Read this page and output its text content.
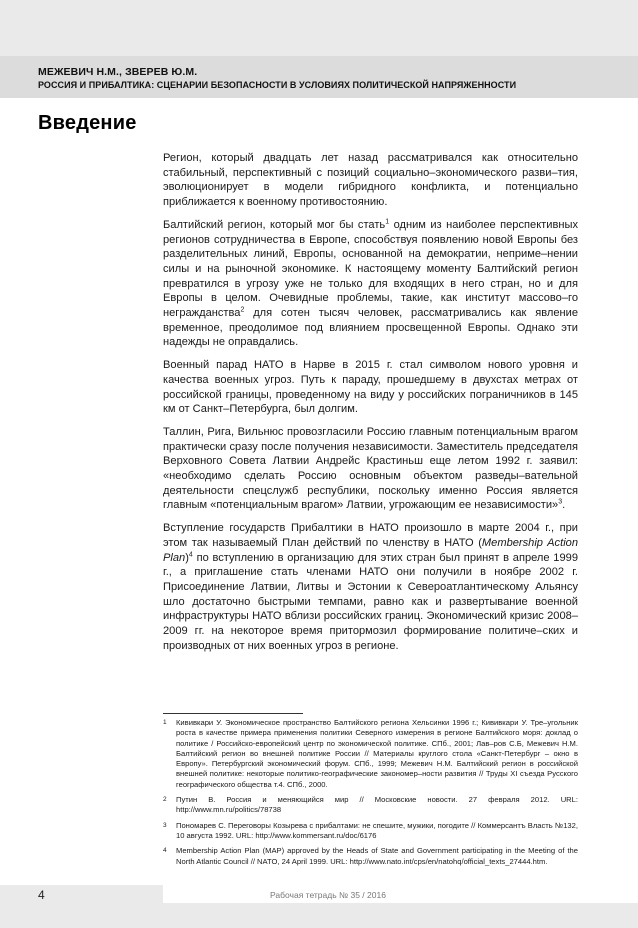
МЕЖЕВИЧ Н.М., ЗВЕРЕВ Ю.М.
РОССИЯ И ПРИБАЛТИКА: СЦЕНАРИИ БЕЗОПАСНОСТИ В УСЛОВИЯХ ПОЛИТИЧЕСКОЙ НАПРЯЖЕННОСТИ
Введение

Регион, который двадцать лет назад рассматривался как относительно стабильный, перспективный с позиций социально–экономического разви–тия, эволюционирует в модели гибридного конфликта, и потенциально приближается к военному противостоянию.

Балтийский регион, который мог бы стать$^1$ одним из наиболее перспективных регионов сотрудничества в Европе, способствуя появлению новой Европы без разделительных линий, Европы, основанной на демократии, неприме–нении силы и на рыночной экономике. К настоящему моменту Балтийский регион превратился в угрозу уже не только для входящих в него стран, но и для Европы в целом. Очевидные проблемы, такие, как институт массово–го негражданства$^2$ для сотен тысяч человек, рассматривались как явление временное, преодолимое под влиянием просвещенной Европы. Однако эти надежды не оправдались.

Военный парад НАТО в Нарве в 2015 г. стал символом нового уровня и качества военных угроз. Путь к параду, прошедшему в двухстах метрах от российской границы, проведенному на виду у российских пограничников в 145 км от Санкт–Петербурга, был долгим.

Таллин, Рига, Вильнюс провозгласили Россию главным потенциальным врагом практически сразу после получения независимости. Заместитель председателя Верховного Совета Латвии Андрейс Крастиньш еще летом 1992 г. заявил: «необходимо сделать Россию основным объектом разведы–вательной деятельности спецслужб республики, поскольку именно Россия является главным «потенциальным врагом» Латвии, угрожающим ее независимости»$^3$.

Вступление государств Прибалтики в НАТО произошло в марте 2004 г., при этом так называемый План действий по членству в НАТО (Membership Action Plan)$^4$ по вступлению в организацию для этих стран был принят в апреле 1999 г., а приглашение стать членами НАТО они получили в ноябре 2002 г. Присоединение Латвии, Литвы и Эстонии к Североатлантическому Альянсу шло достаточно быстрыми темпами, равно как и развертывание военной инфраструктуры НАТО вблизи российских границ. Экономический кризис 2008–2009 гг. на некоторое время притормозил формирование политиче–ских и производных от них военных угроз в регионе.

1	Кививкари У. Экономическое пространство Балтийского региона Хельсинки 1996 г.; Кививкари У. Тре–угольник роста в качестве примера применения политики Северного измерения в регионе Балтийского моря: доклад о политике / Российско-европейский центр по экономической политике. СПб., 2001; Лав–ров С.Б, Межевич Н.М. Балтийский регион во внешней политике России // Материалы круглого стола «Санкт-Петербург – окно в Европу». Петербургский экономический форум. СПб., 1999; Межевич Н.М. Балтийский регион в российской внешней политике: некоторые политико-географические закономер–ности развития // Труды XI съезда Русского географического общества т.4. СПб., 2000.
2	Путин В. Россия и меняющийся мир // Московские новости. 27 февраля 2012. URL: http://www.mn.ru/politics/78738
3	Пономарев С. Переговоры Козырева с прибалтами: не спешите, мужики, погодите // Коммерсантъ Власть №132, 10 августа 1992. URL: http://www.kommersant.ru/doc/6176
4	Membership Action Plan (MAP) approved by the Heads of State and Government participating in the Meeting of the North Atlantic Council // NATO, 24 April 1999. URL: http://www.nato.int/cps/en/natohq/official_texts_27444.htm.
4	Рабочая тетрадь № 35 / 2016
